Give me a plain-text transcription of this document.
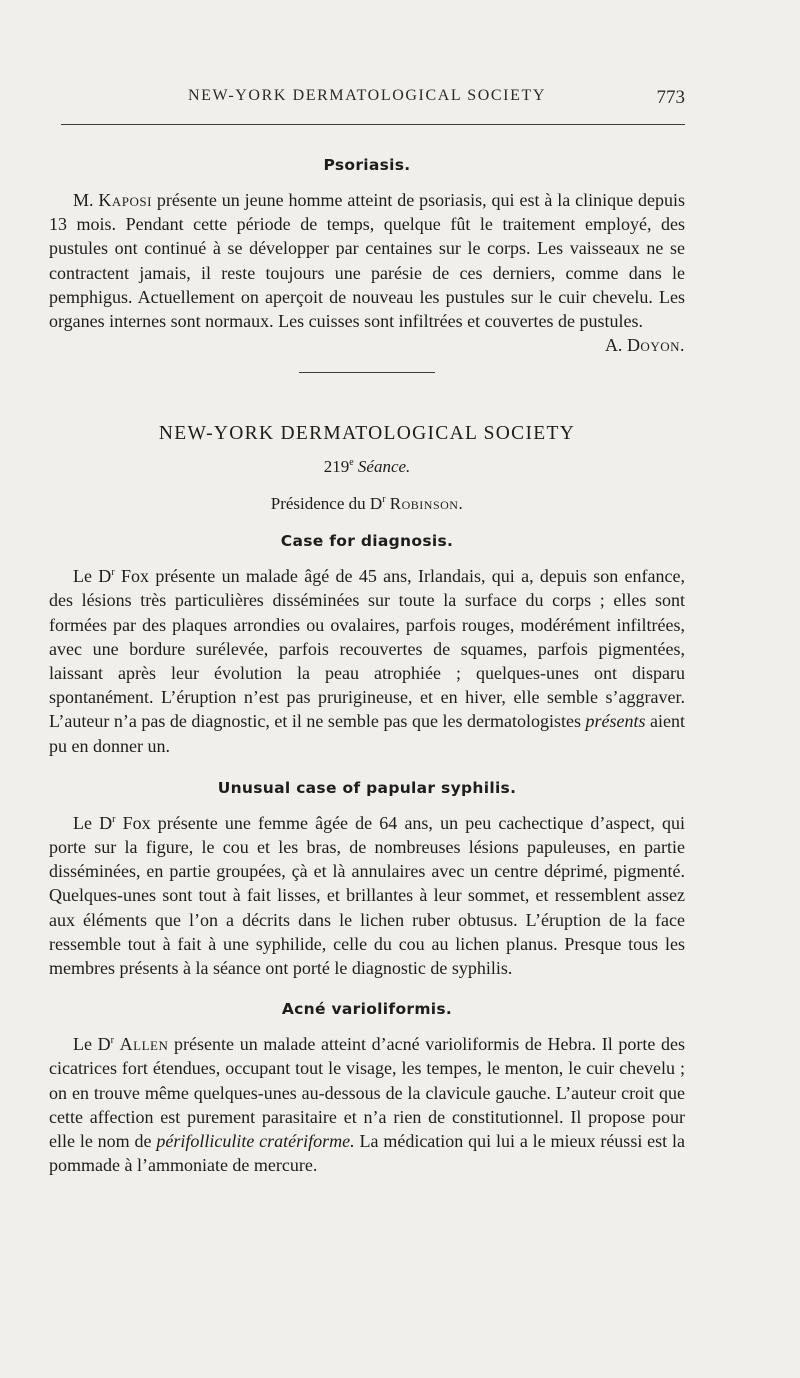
NEW-YORK DERMATOLOGICAL SOCIETY	773
Psoriasis.

M. Kaposi présente un jeune homme atteint de psoriasis, qui est à la clinique depuis 13 mois. Pendant cette période de temps, quelque fût le traitement employé, des pustules ont continué à se développer par centaines sur le corps. Les vaisseaux ne se contractent jamais, il reste toujours une parésie de ces derniers, comme dans le pemphigus. Actuellement on aperçoit de nouveau les pustules sur le cuir chevelu. Les organes internes sont normaux. Les cuisses sont infiltrées et couvertes de pustules.

A. Doyon.

NEW-YORK DERMATOLOGICAL SOCIETY
219e Séance.
Présidence du $D^r$ Robinson.
Case for diagnosis.

Le $D^r$ Fox présente un malade âgé de 45 ans, Irlandais, qui a, depuis son enfance, des lésions très particulières disséminées sur toute la surface du corps ; elles sont formées par des plaques arrondies ou ovalaires, parfois rouges, modérément infiltrées, avec une bordure surélevée, parfois recouvertes de squames, parfois pigmentées, laissant après leur évolution la peau atrophiée ; quelques-unes ont disparu spontanément. L’éruption n’est pas prurigineuse, et en hiver, elle semble s’aggraver. L’auteur n’a pas de diagnostic, et il ne semble pas que les dermatologistes présents aient pu en donner un.

Unusual case of papular syphilis.

Le $D^r$ Fox présente une femme âgée de 64 ans, un peu cachectique d’aspect, qui porte sur la figure, le cou et les bras, de nombreuses lésions papuleuses, en partie disséminées, en partie groupées, çà et là annulaires avec un centre déprimé, pigmenté. Quelques-unes sont tout à fait lisses, et brillantes à leur sommet, et ressemblent assez aux éléments que l’on a décrits dans le lichen ruber obtusus. L’éruption de la face ressemble tout à fait à une syphilide, celle du cou au lichen planus. Presque tous les membres présents à la séance ont porté le diagnostic de syphilis.

Acné varioliformis.

Le $D^r$ Allen présente un malade atteint d’acné varioliformis de Hebra. Il porte des cicatrices fort étendues, occupant tout le visage, les tempes, le menton, le cuir chevelu ; on en trouve même quelques-unes au-dessous de la clavicule gauche. L’auteur croit que cette affection est purement parasitaire et n’a rien de constitutionnel. Il propose pour elle le nom de périfolliculite cratériforme. La médication qui lui a le mieux réussi est la pommade à l’ammoniate de mercure.
